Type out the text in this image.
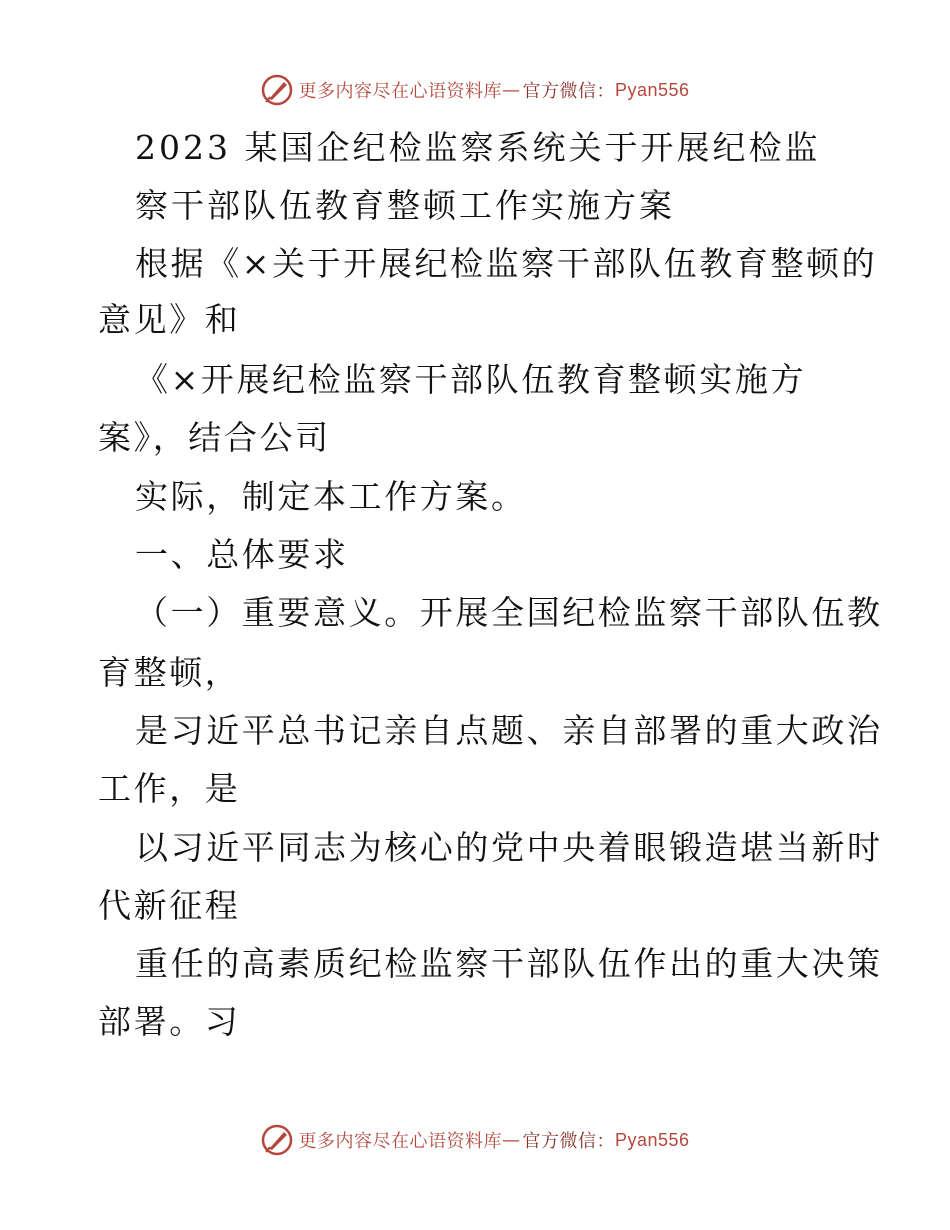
更多内容尽在心语资料库 — 官方微信： Pyan556
2023 某国企纪检监察系统关于开展纪检监
察干部队伍教育整顿工作实施方案
根据《×关于开展纪检监察干部队伍教育整顿的
意见》和
《×开展纪检监察干部队伍教育整顿实施方
案》，结合公司
实际，制定本工作方案。
一、总体要求
（一）重要意义。开展全国纪检监察干部队伍教
育整顿，
是习近平总书记亲自点题、亲自部署的重大政治
工作，是
以习近平同志为核心的党中央着眼锻造堪当新时
代新征程
重任的高素质纪检监察干部队伍作出的重大决策
部署。习
更多内容尽在心语资料库 — 官方微信： Pyan556
